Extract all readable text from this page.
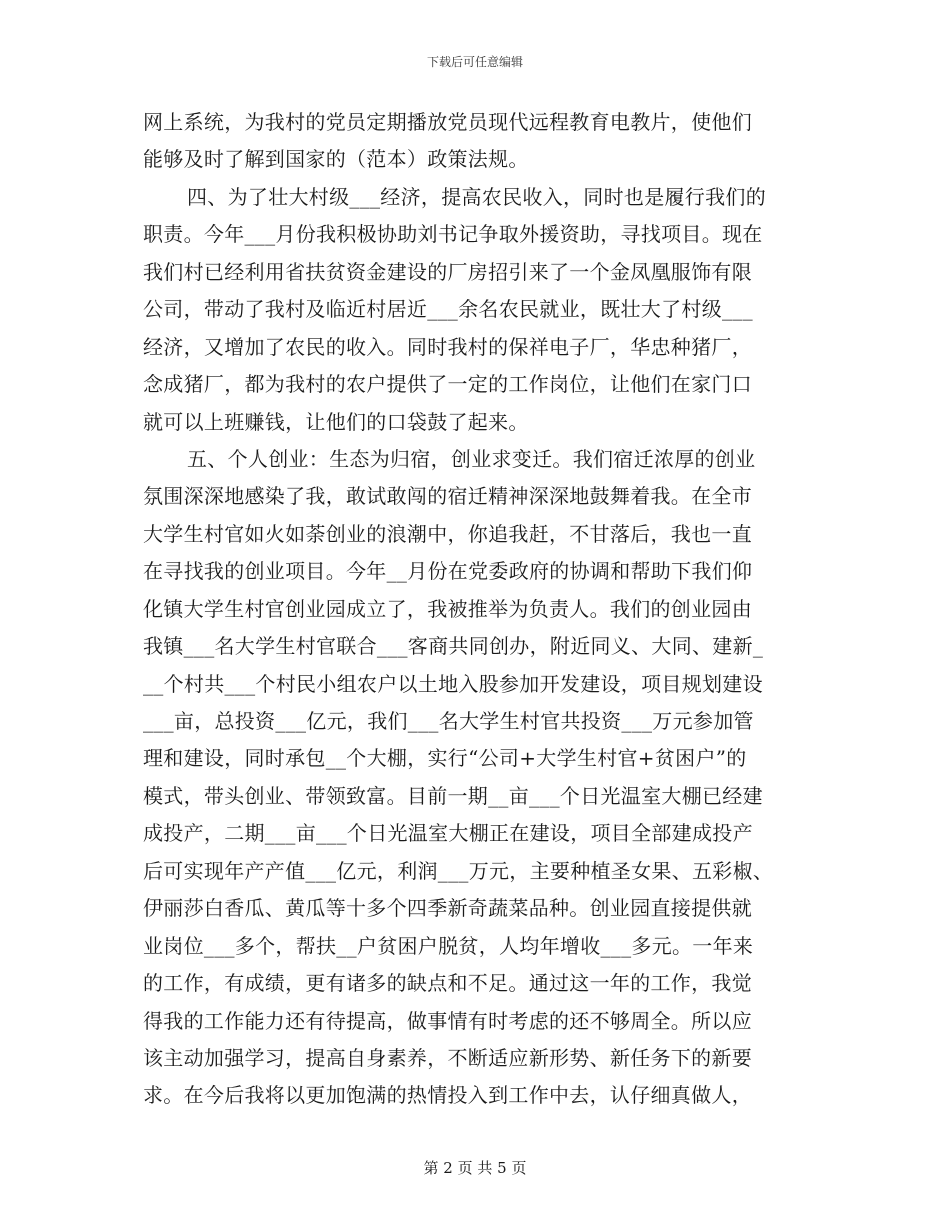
下载后可任意编辑
网上系统，为我村的党员定期播放党员现代远程教育电教片，使他们
能够及时了解到国家的（范本）政策法规。
四、为了壮大村级___经济，提高农民收入，同时也是履行我们的
职责。今年___月份我积极协助刘书记争取外援资助，寻找项目。现在
我们村已经利用省扶贫资金建设的厂房招引来了一个金凤凰服饰有限
公司，带动了我村及临近村居近___余名农民就业，既壮大了村级___
经济，又增加了农民的收入。同时我村的保祥电子厂，华忠种猪厂，
念成猪厂，都为我村的农户提供了一定的工作岗位，让他们在家门口
就可以上班赚钱，让他们的口袋鼓了起来。
五、个人创业：生态为归宿，创业求变迁。我们宿迁浓厚的创业
氛围深深地感染了我，敢试敢闯的宿迁精神深深地鼓舞着我。在全市
大学生村官如火如荼创业的浪潮中，你追我赶，不甘落后，我也一直
在寻找我的创业项目。今年__月份在党委政府的协调和帮助下我们仰
化镇大学生村官创业园成立了，我被推举为负责人。我们的创业园由
我镇___名大学生村官联合___客商共同创办，附近同义、大同、建新_
__个村共___个村民小组农户以土地入股参加开发建设，项目规划建设
___亩，总投资___亿元，我们___名大学生村官共投资___万元参加管
理和建设，同时承包__个大棚，实行“公司+大学生村官+贫困户”的
模式，带头创业、带领致富。目前一期__亩___个日光温室大棚已经建
成投产，二期___亩___个日光温室大棚正在建设，项目全部建成投产
后可实现年产产值___亿元，利润___万元，主要种植圣女果、五彩椒、
伊丽莎白香瓜、黄瓜等十多个四季新奇蔬菜品种。创业园直接提供就
业岗位___多个，帮扶__户贫困户脱贫，人均年增收___多元。一年来
的工作，有成绩，更有诸多的缺点和不足。通过这一年的工作，我觉
得我的工作能力还有待提高，做事情有时考虑的还不够周全。所以应
该主动加强学习，提高自身素养，不断适应新形势、新任务下的新要
求。在今后我将以更加饱满的热情投入到工作中去，认仔细真做人，
第 2 页 共 5 页
